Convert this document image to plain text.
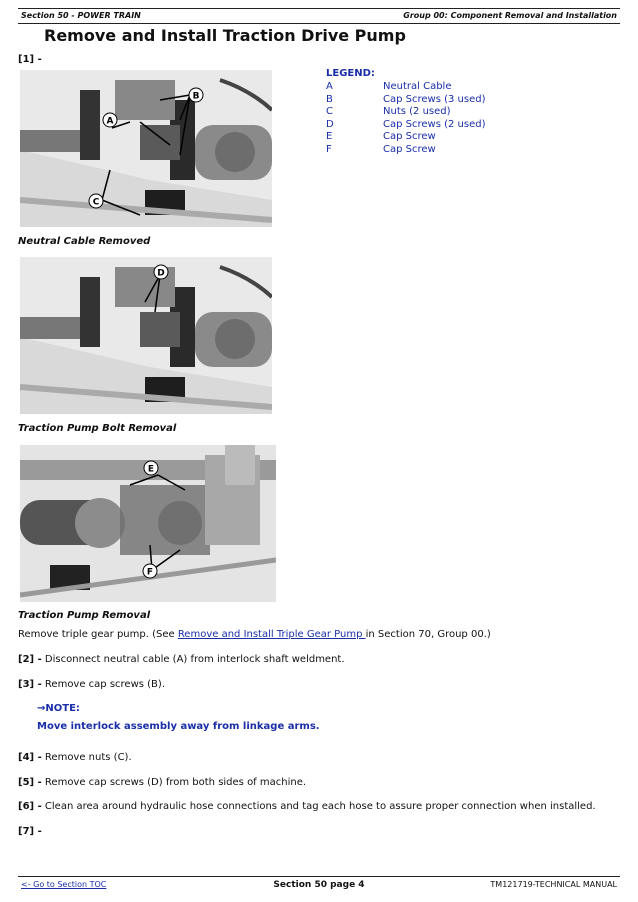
Section 50 - POWER TRAIN	Group 00: Component Removal and Installation
Remove and Install Traction Drive Pump
[1] -
A
B
C
Neutral Cable Removed
LEGEND:
A	Neutral Cable
B	Cap Screws (3 used)
C	Nuts (2 used)
D	Cap Screws (2 used)
E	Cap Screw
F	Cap Screw
D
Traction Pump Bolt Removal
E
F
Traction Pump Removal
Remove triple gear pump. (See Remove and Install Triple Gear Pump in Section 70, Group 00.)
[2] - Disconnect neutral cable (A) from interlock shaft weldment.
[3] - Remove cap screws (B).
→NOTE:
Move interlock assembly away from linkage arms.
[4] - Remove nuts (C).
[5] - Remove cap screws (D) from both sides of machine.
[6] - Clean area around hydraulic hose connections and tag each hose to assure proper connection when installed.
[7] -
<- Go to Section TOC	Section 50 page 4	TM121719-TECHNICAL MANUAL
